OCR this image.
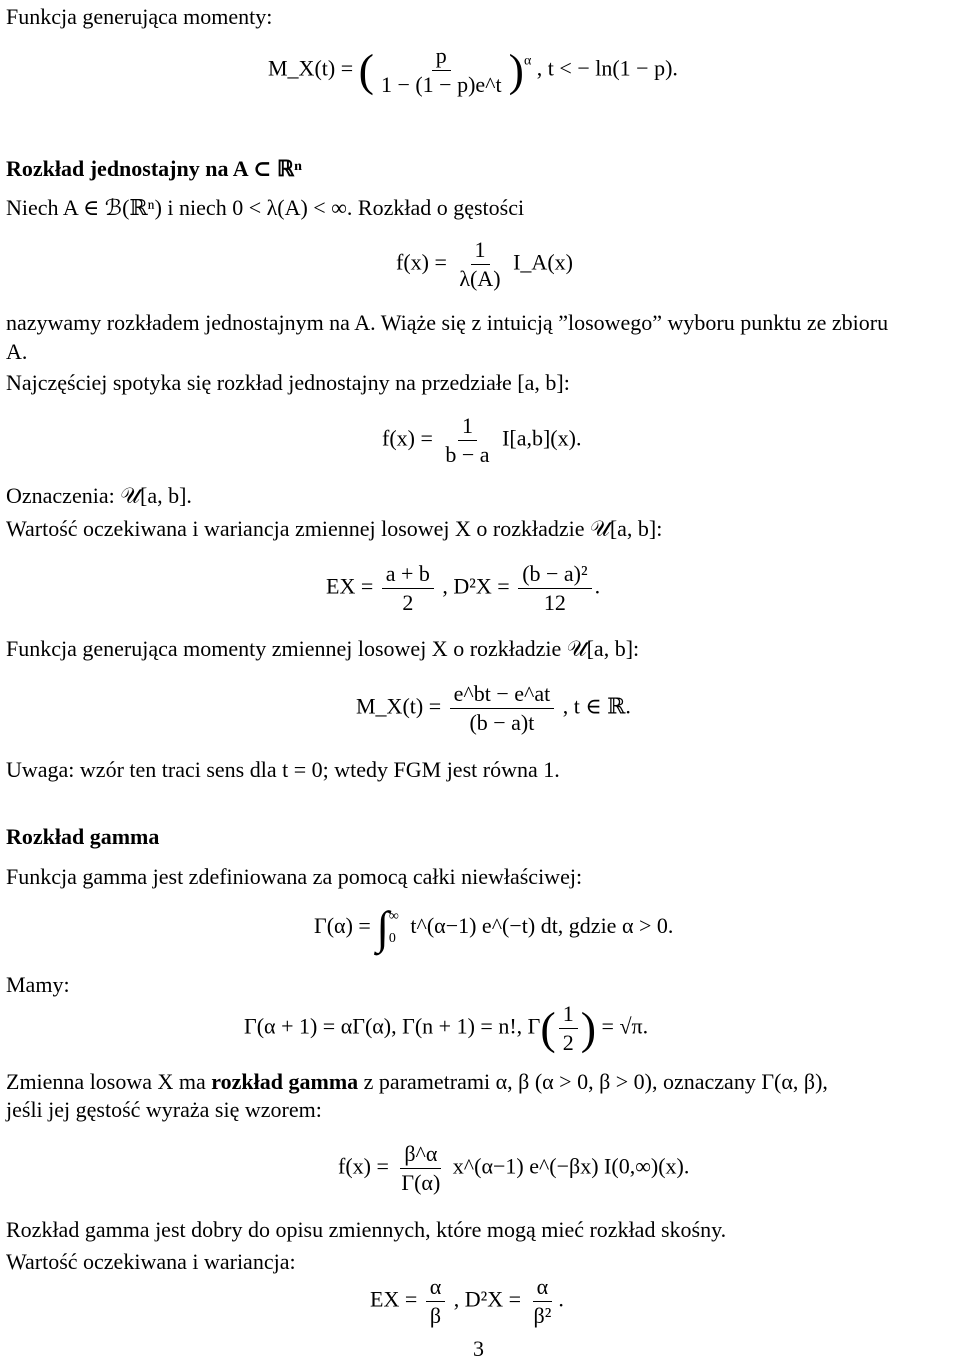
Funkcja generująca momenty:
M_X(t) = ( $\frac{p}{1 - (1 - p)e\^{}t} )^\alpha$ , t < − ln(1 − p).
Rozkład jednostajny na A ⊂ ℝⁿ
Niech A ∈ ℬ(ℝⁿ) i niech 0 < λ(A) < ∞. Rozkład o gęstości
$f(x) = \frac{1}{\lambda(A)}$ I_A(x)
nazywamy rozkładem jednostajnym na A. Wiąże się z intuicją ”losowego” wyboru punktu ze zbioru
A.
Najczęściej spotyka się rozkład jednostajny na przedziałe [a, b]:
$f(x) = \frac{1}{b - a} I[a,b](x)$.
Oznaczenia: 𝒰[a, b].
Wartość oczekiwana i wariancja zmiennej losowej X o rozkładzie 𝒰[a, b]:
EX = $\frac{a + b}{2}$ , $D^2X = \frac{\text{(b − a)²}}{12}$ .
Funkcja generująca momenty zmiennej losowej X o rozkładzie 𝒰[a, b]:
M_X(t) = $\frac{e\^{}bt - e\^{}at}{(b - a)t}$ , t ∈ ℝ.
Uwaga: wzór ten traci sens dla t = 0; wtedy FGM jest równa 1.
Rozkład gamma
Funkcja gamma jest zdefiniowana za pomocą całki niewłaściwej:
Γ(α) = ∫ ∞
0
t^(α−1) e^(−t) dt, gdzie α > 0.
Mamy:
Γ(α + 1) = αΓ(α), Γ(n + 1) = n!, $\Gamma( \frac{1}{2}$ ) = √π.
Zmienna losowa X ma rozkład gamma z parametrami α, β (α > 0, β > 0), oznaczany Γ(α, β),
jeśli jej gęstość wyraża się wzorem:
$f(x) = \frac{\beta\^{}\alpha}{\Gamma(\alpha)}$ x^(α−1) e^(−βx) I(0,∞)(x).
Rozkład gamma jest dobry do opisu zmiennych, które mogą mieć rozkład skośny.
Wartość oczekiwana i wariancja:
EX = $\frac{\alpha}{\beta}$ , $D^2X = \frac{\alpha}{\text{β²}}$ .
3
